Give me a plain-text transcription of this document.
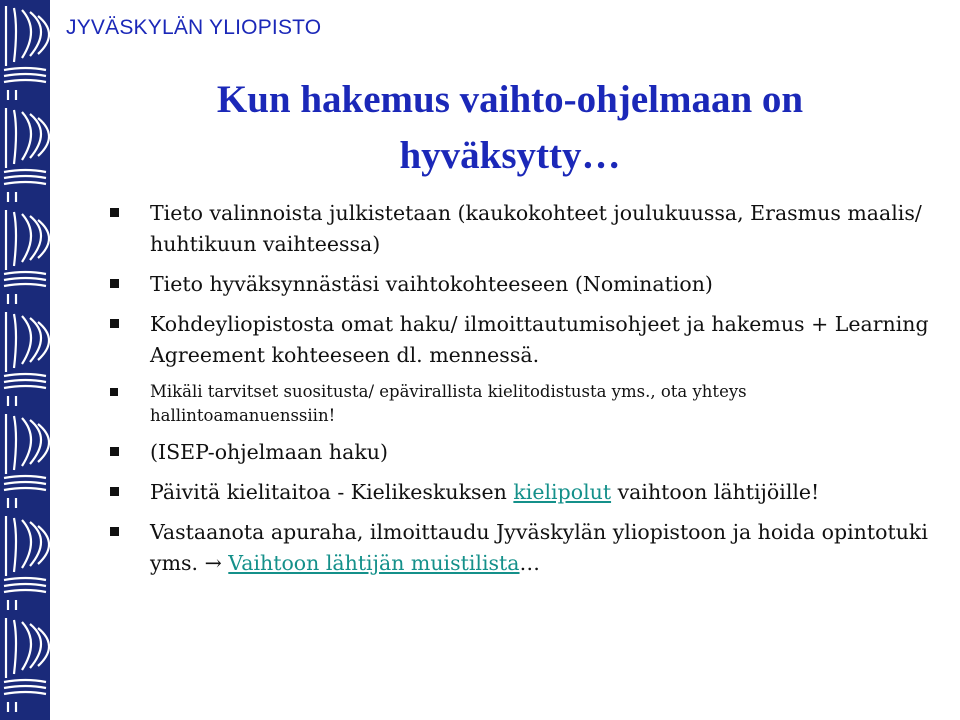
JYVÄSKYLÄN YLIOPISTO
Kun hakemus vaihto-ohjelmaan on
hyväksytty…
Tieto valinnoista julkistetaan (kaukokohteet joulukuussa, Erasmus maalis/ huhtikuun vaihteessa)
Tieto hyväksynnästäsi vaihtokohteeseen (Nomination)
Kohdeyliopistosta omat haku/ ilmoittautumisohjeet ja hakemus + Learning Agreement kohteeseen dl. mennessä.
Mikäli tarvitset suositusta/ epävirallista kielitodistusta yms., ota yhteys hallintoamanuenssiin!
(ISEP-ohjelmaan haku)
Päivitä kielitaitoa - Kielikeskuksen kielipolut vaihtoon lähtijöille!
Vastaanota apuraha, ilmoittaudu Jyväskylän yliopistoon ja hoida opintotuki yms. → Vaihtoon lähtijän muistilista…
